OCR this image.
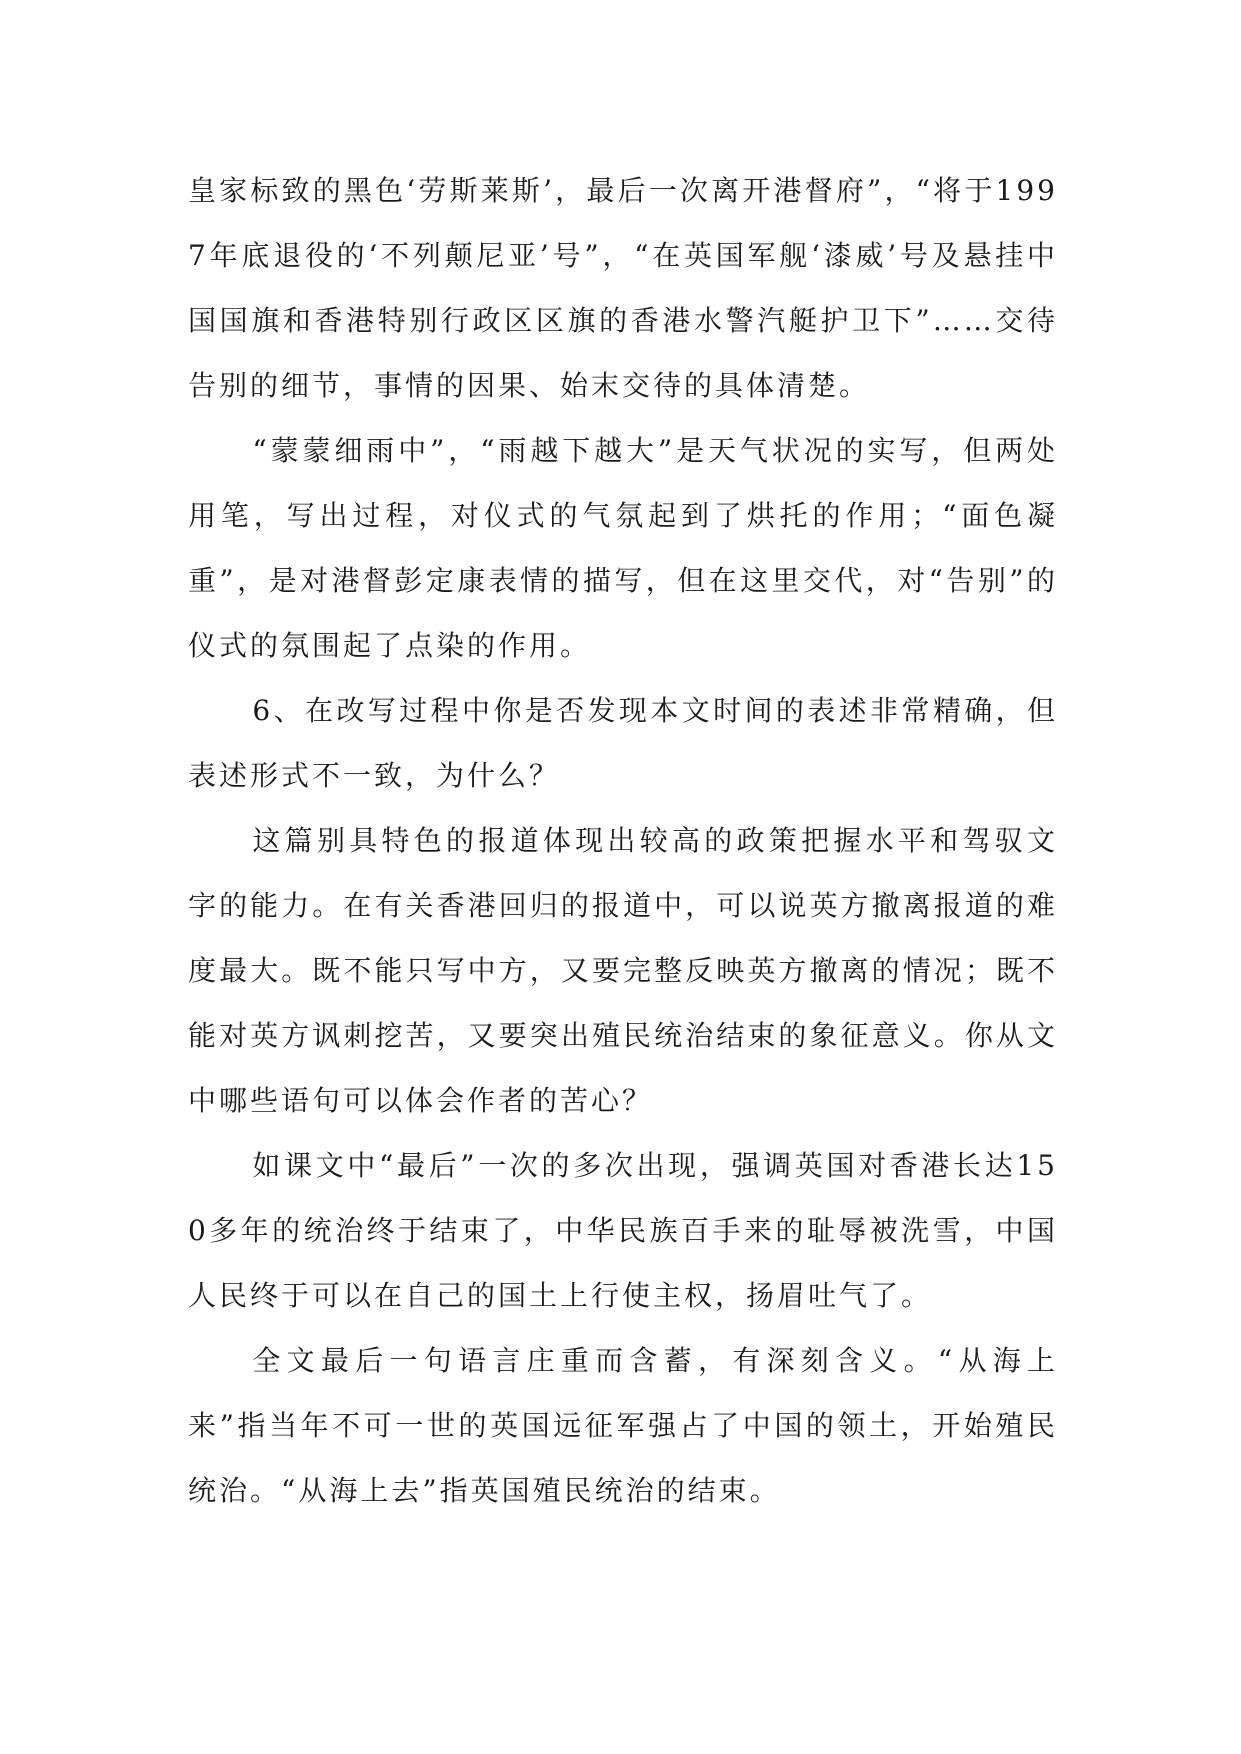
皇家标致的黑色‘劳斯莱斯’，最后一次离开港督府”，“将于1997年底退役的‘不列颠尼亚’号”，“在英国军舰‘漆威’号及悬挂中国国旗和香港特别行政区区旗的香港水警汽艇护卫下”……交待告别的细节，事情的因果、始末交待的具体清楚。

“蒙蒙细雨中”，“雨越下越大”是天气状况的实写，但两处用笔，写出过程，对仪式的气氛起到了烘托的作用；“面色凝重”，是对港督彭定康表情的描写，但在这里交代，对“告别”的仪式的氛围起了点染的作用。

6、在改写过程中你是否发现本文时间的表述非常精确，但表述形式不一致，为什么？

这篇别具特色的报道体现出较高的政策把握水平和驾驭文字的能力。在有关香港回归的报道中，可以说英方撤离报道的难度最大。既不能只写中方，又要完整反映英方撤离的情况；既不能对英方讽刺挖苦，又要突出殖民统治结束的象征意义。你从文中哪些语句可以体会作者的苦心？

如课文中“最后”一次的多次出现，强调英国对香港长达150多年的统治终于结束了，中华民族百手来的耻辱被洗雪，中国人民终于可以在自己的国土上行使主权，扬眉吐气了。

全文最后一句语言庄重而含蓄，有深刻含义。“从海上来”指当年不可一世的英国远征军强占了中国的领土，开始殖民统治。“从海上去”指英国殖民统治的结束。
